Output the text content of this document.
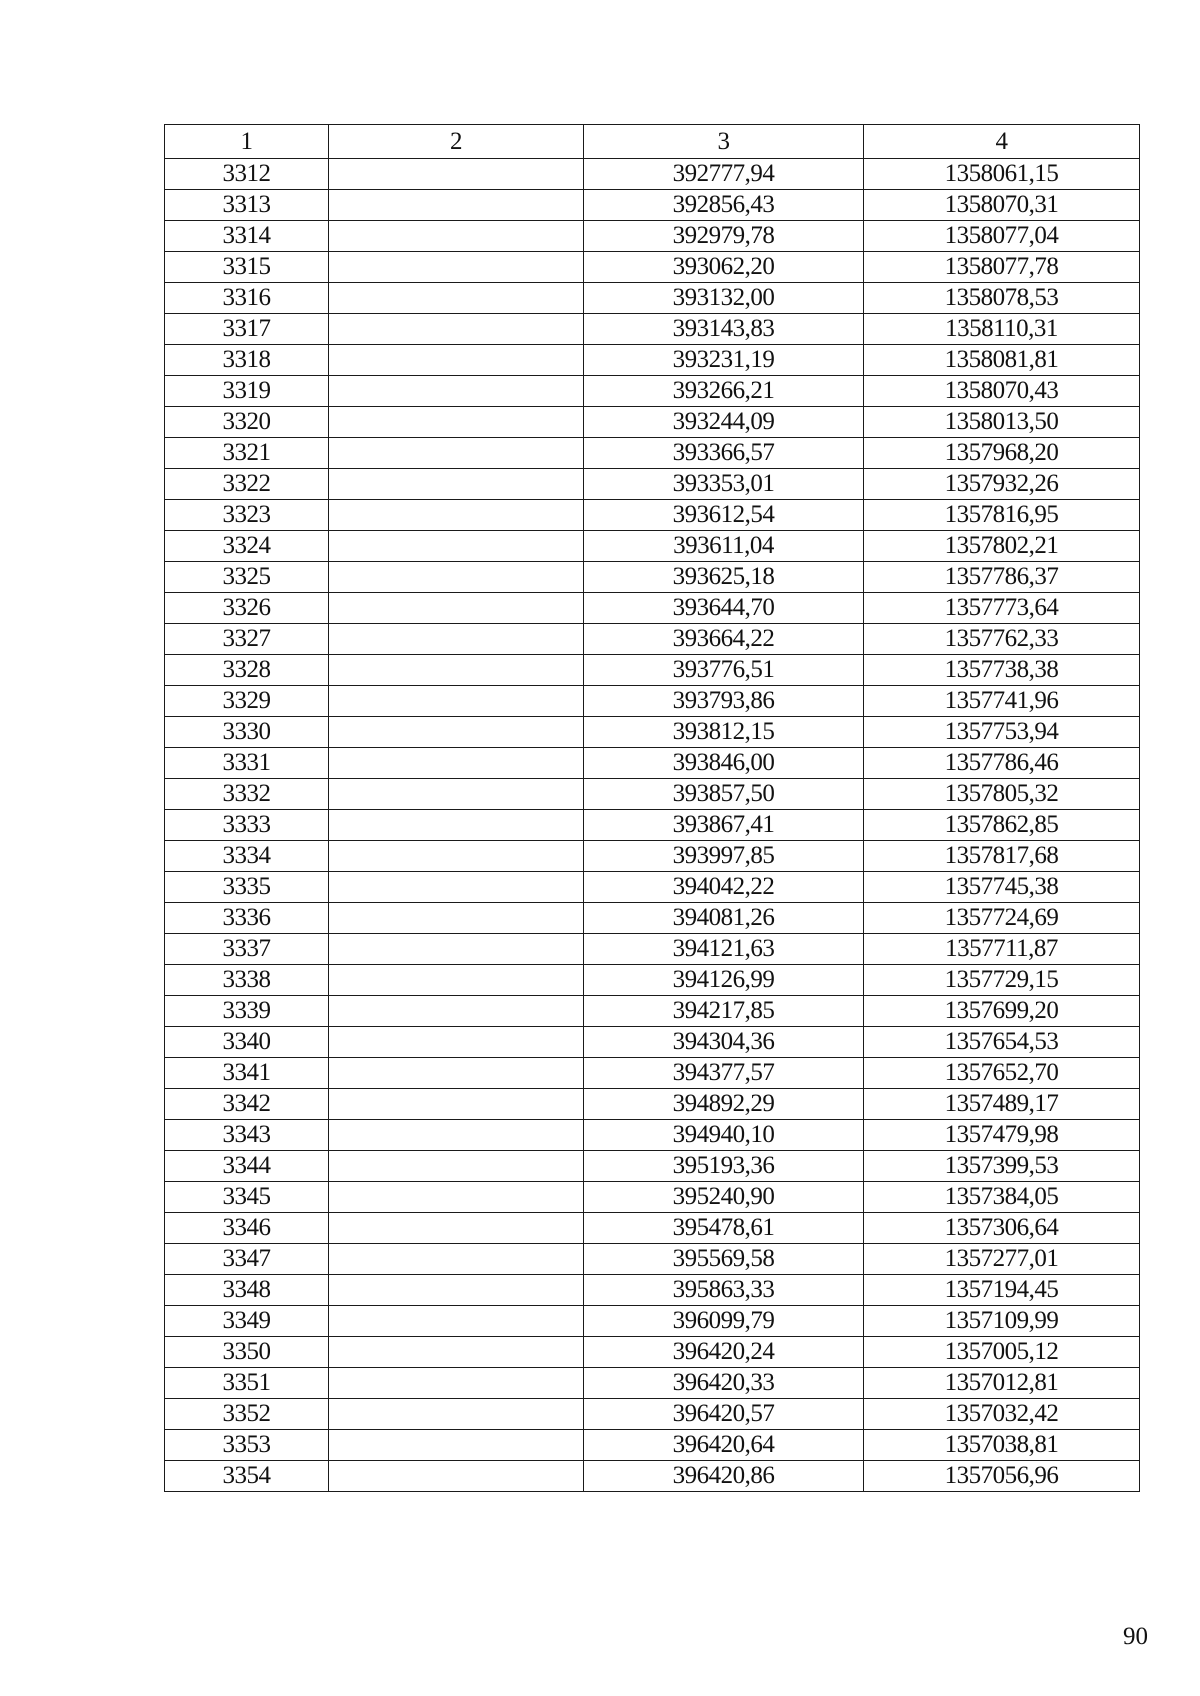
1	2	3	4
3312		392777,94	1358061,15
3313		392856,43	1358070,31
3314		392979,78	1358077,04
3315		393062,20	1358077,78
3316		393132,00	1358078,53
3317		393143,83	1358110,31
3318		393231,19	1358081,81
3319		393266,21	1358070,43
3320		393244,09	1358013,50
3321		393366,57	1357968,20
3322		393353,01	1357932,26
3323		393612,54	1357816,95
3324		393611,04	1357802,21
3325		393625,18	1357786,37
3326		393644,70	1357773,64
3327		393664,22	1357762,33
3328		393776,51	1357738,38
3329		393793,86	1357741,96
3330		393812,15	1357753,94
3331		393846,00	1357786,46
3332		393857,50	1357805,32
3333		393867,41	1357862,85
3334		393997,85	1357817,68
3335		394042,22	1357745,38
3336		394081,26	1357724,69
3337		394121,63	1357711,87
3338		394126,99	1357729,15
3339		394217,85	1357699,20
3340		394304,36	1357654,53
3341		394377,57	1357652,70
3342		394892,29	1357489,17
3343		394940,10	1357479,98
3344		395193,36	1357399,53
3345		395240,90	1357384,05
3346		395478,61	1357306,64
3347		395569,58	1357277,01
3348		395863,33	1357194,45
3349		396099,79	1357109,99
3350		396420,24	1357005,12
3351		396420,33	1357012,81
3352		396420,57	1357032,42
3353		396420,64	1357038,81
3354		396420,86	1357056,96
90
